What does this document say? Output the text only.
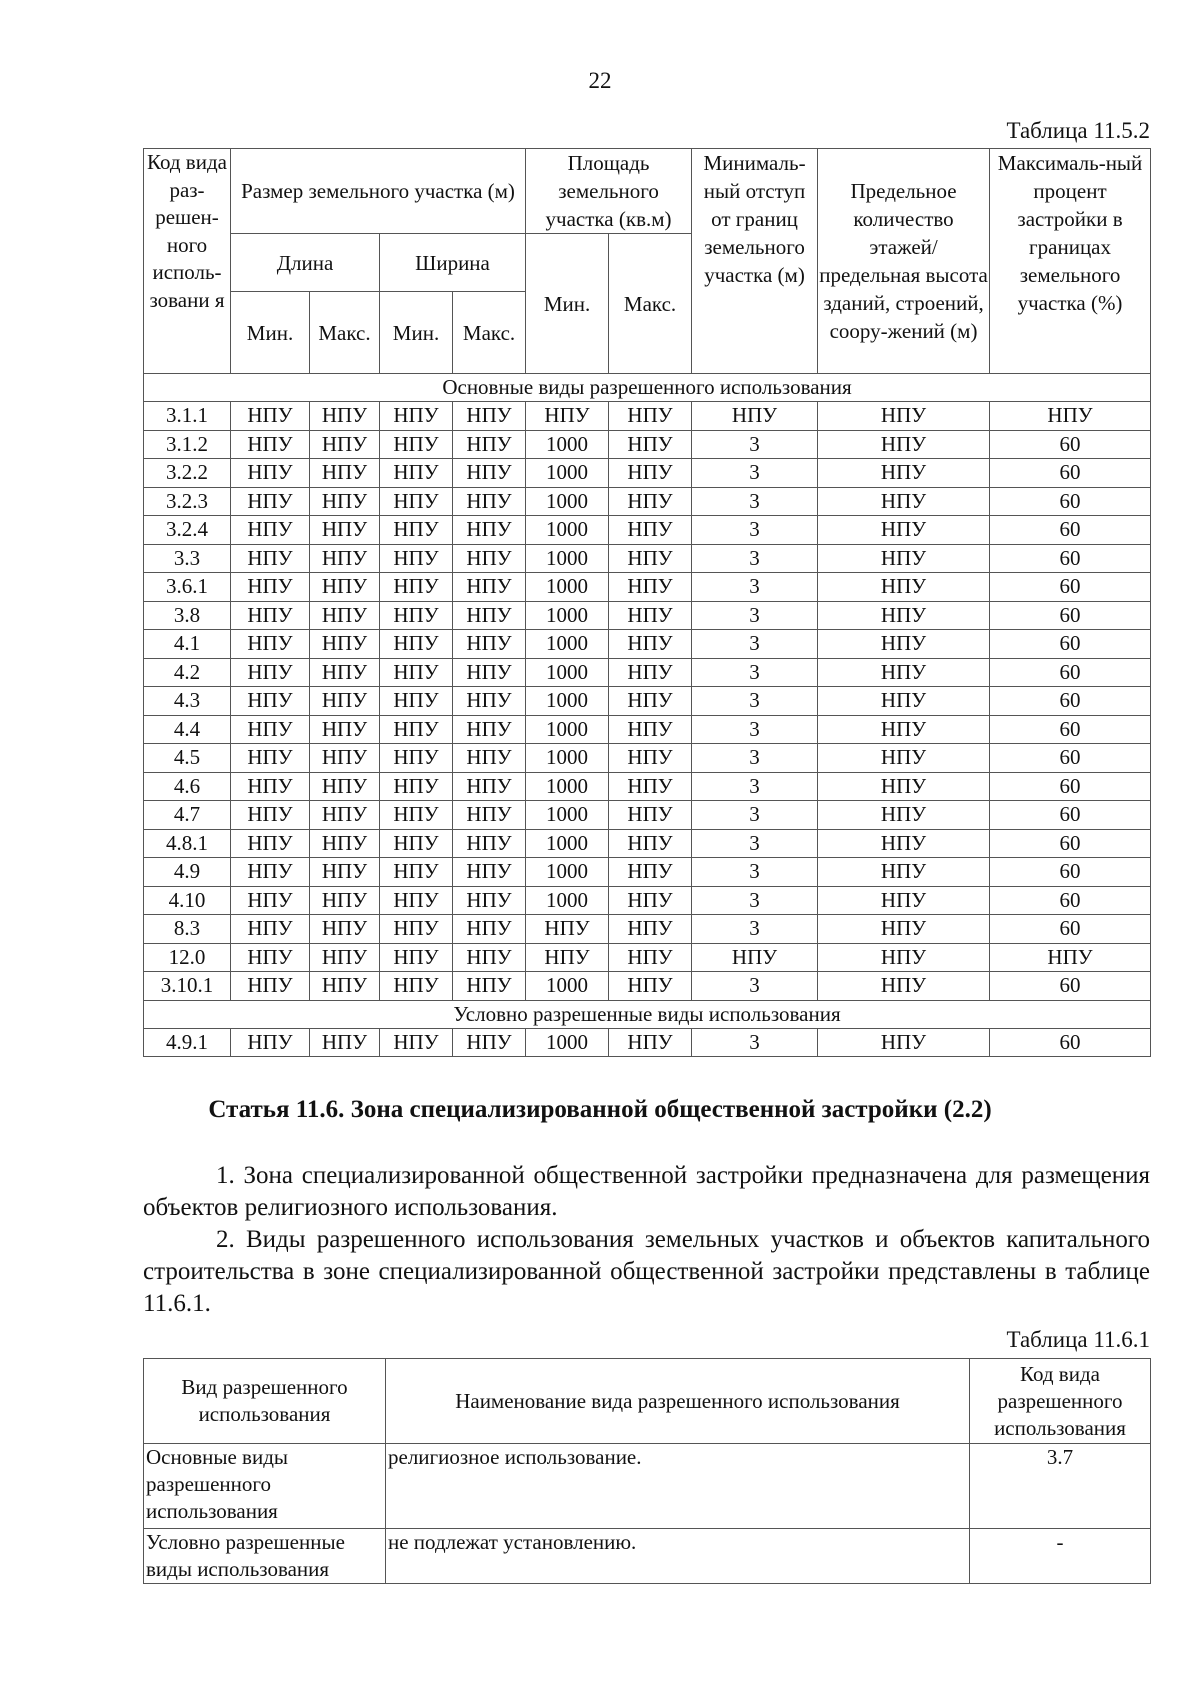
22
Таблица 11.5.2
Код вида раз-решен-ного исполь-зовани я	Размер земельного участка (м)				Площадь земельного участка (кв.м)		Минималь-ный отступ от границ земельного участка (м)	Предельное количество этажей/ предельная высота зданий, строений, соору-жений (м)	Максималь-ный процент застройки в границах земельного участка (%)
	Длина		Ширина		Мин.	Макс.			
	Мин.	Макс.	Мин.	Макс.					
Основные виды разрешенного использования									
3.1.1	НПУ	НПУ	НПУ	НПУ	НПУ	НПУ	НПУ	НПУ	НПУ
3.1.2	НПУ	НПУ	НПУ	НПУ	1000	НПУ	3	НПУ	60
3.2.2	НПУ	НПУ	НПУ	НПУ	1000	НПУ	3	НПУ	60
3.2.3	НПУ	НПУ	НПУ	НПУ	1000	НПУ	3	НПУ	60
3.2.4	НПУ	НПУ	НПУ	НПУ	1000	НПУ	3	НПУ	60
3.3	НПУ	НПУ	НПУ	НПУ	1000	НПУ	3	НПУ	60
3.6.1	НПУ	НПУ	НПУ	НПУ	1000	НПУ	3	НПУ	60
3.8	НПУ	НПУ	НПУ	НПУ	1000	НПУ	3	НПУ	60
4.1	НПУ	НПУ	НПУ	НПУ	1000	НПУ	3	НПУ	60
4.2	НПУ	НПУ	НПУ	НПУ	1000	НПУ	3	НПУ	60
4.3	НПУ	НПУ	НПУ	НПУ	1000	НПУ	3	НПУ	60
4.4	НПУ	НПУ	НПУ	НПУ	1000	НПУ	3	НПУ	60
4.5	НПУ	НПУ	НПУ	НПУ	1000	НПУ	3	НПУ	60
4.6	НПУ	НПУ	НПУ	НПУ	1000	НПУ	3	НПУ	60
4.7	НПУ	НПУ	НПУ	НПУ	1000	НПУ	3	НПУ	60
4.8.1	НПУ	НПУ	НПУ	НПУ	1000	НПУ	3	НПУ	60
4.9	НПУ	НПУ	НПУ	НПУ	1000	НПУ	3	НПУ	60
4.10	НПУ	НПУ	НПУ	НПУ	1000	НПУ	3	НПУ	60
8.3	НПУ	НПУ	НПУ	НПУ	НПУ	НПУ	3	НПУ	60
12.0	НПУ	НПУ	НПУ	НПУ	НПУ	НПУ	НПУ	НПУ	НПУ
3.10.1	НПУ	НПУ	НПУ	НПУ	1000	НПУ	3	НПУ	60
Условно разрешенные виды использования									
4.9.1	НПУ	НПУ	НПУ	НПУ	1000	НПУ	3	НПУ	60
Статья 11.6. Зона специализированной общественной застройки (2.2)

1. Зона специализированной общественной застройки предназначена для размещения объектов религиозного использования.

2. Виды разрешенного использования земельных участков и объектов капитального строительства в зоне специализированной общественной застройки представлены в таблице 11.6.1.

Таблица 11.6.1
Вид разрешенного использования	Наименование вида разрешенного использования	Код вида разрешенного использования
Основные виды разрешенного использования	религиозное использование.	3.7
Условно разрешенные виды использования	не подлежат установлению.	-
